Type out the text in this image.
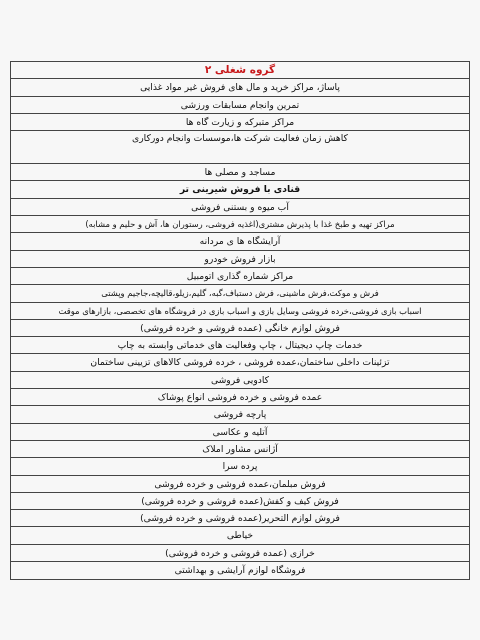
گروه شغلی ۲
پاساژ، مراکز خرید و مال های فروش غیر مواد غذایی
تمرین وانجام مسابقات ورزشی
مراکز متبرکه و زیارت گاه ها
کاهش زمان فعالیت شرکت ها،موسسات وانجام دورکاری
مساجد و مصلی ها
قنادی با فروش شیرینی تر
آب میوه و بستنی فروشی
مراکز تهیه و طبخ غذا با پذیرش مشتری(اغذیه فروشی، رستوران ها، آش و حلیم و مشابه)
آرایشگاه ها ی مردانه
بازار فروش خودرو
مراکز شماره گذاری اتومبیل
فرش و موکت،فرش ماشینی، فرش دستباف،گبه، گلیم،زیلو،قالیچه،جاجیم وپشتی
اسباب بازی فروشی،خرده فروشی وسایل بازی و اسباب بازی در فروشگاه های تخصصی، بازارهای موقت
فروش لوازم خانگی (عمده فروشی و خرده فروشی)
خدمات چاپ دیجیتال ، چاپ وفعالیت های خدماتی وابسته به چاپ
تزئینات داخلی ساختمان،عمده فروشی ، خرده فروشی کالاهای تزیینی ساختمان
کادویی فروشی
عمده فروشی و خرده فروشی انواع پوشاک
پارچه فروشی
آتلیه و عکاسی
آژانس مشاور املاک
پرده سرا
فروش مبلمان،عمده فروشی و خرده فروشی
فروش کیف و کفش(عمده فروشی و خرده فروشی)
فروش لوازم التحریر(عمده فروشی و خرده فروشی)
خیاطی
خرازی (عمده فروشی و خرده فروشی)
فروشگاه لوازم آرایشی و بهداشتی
